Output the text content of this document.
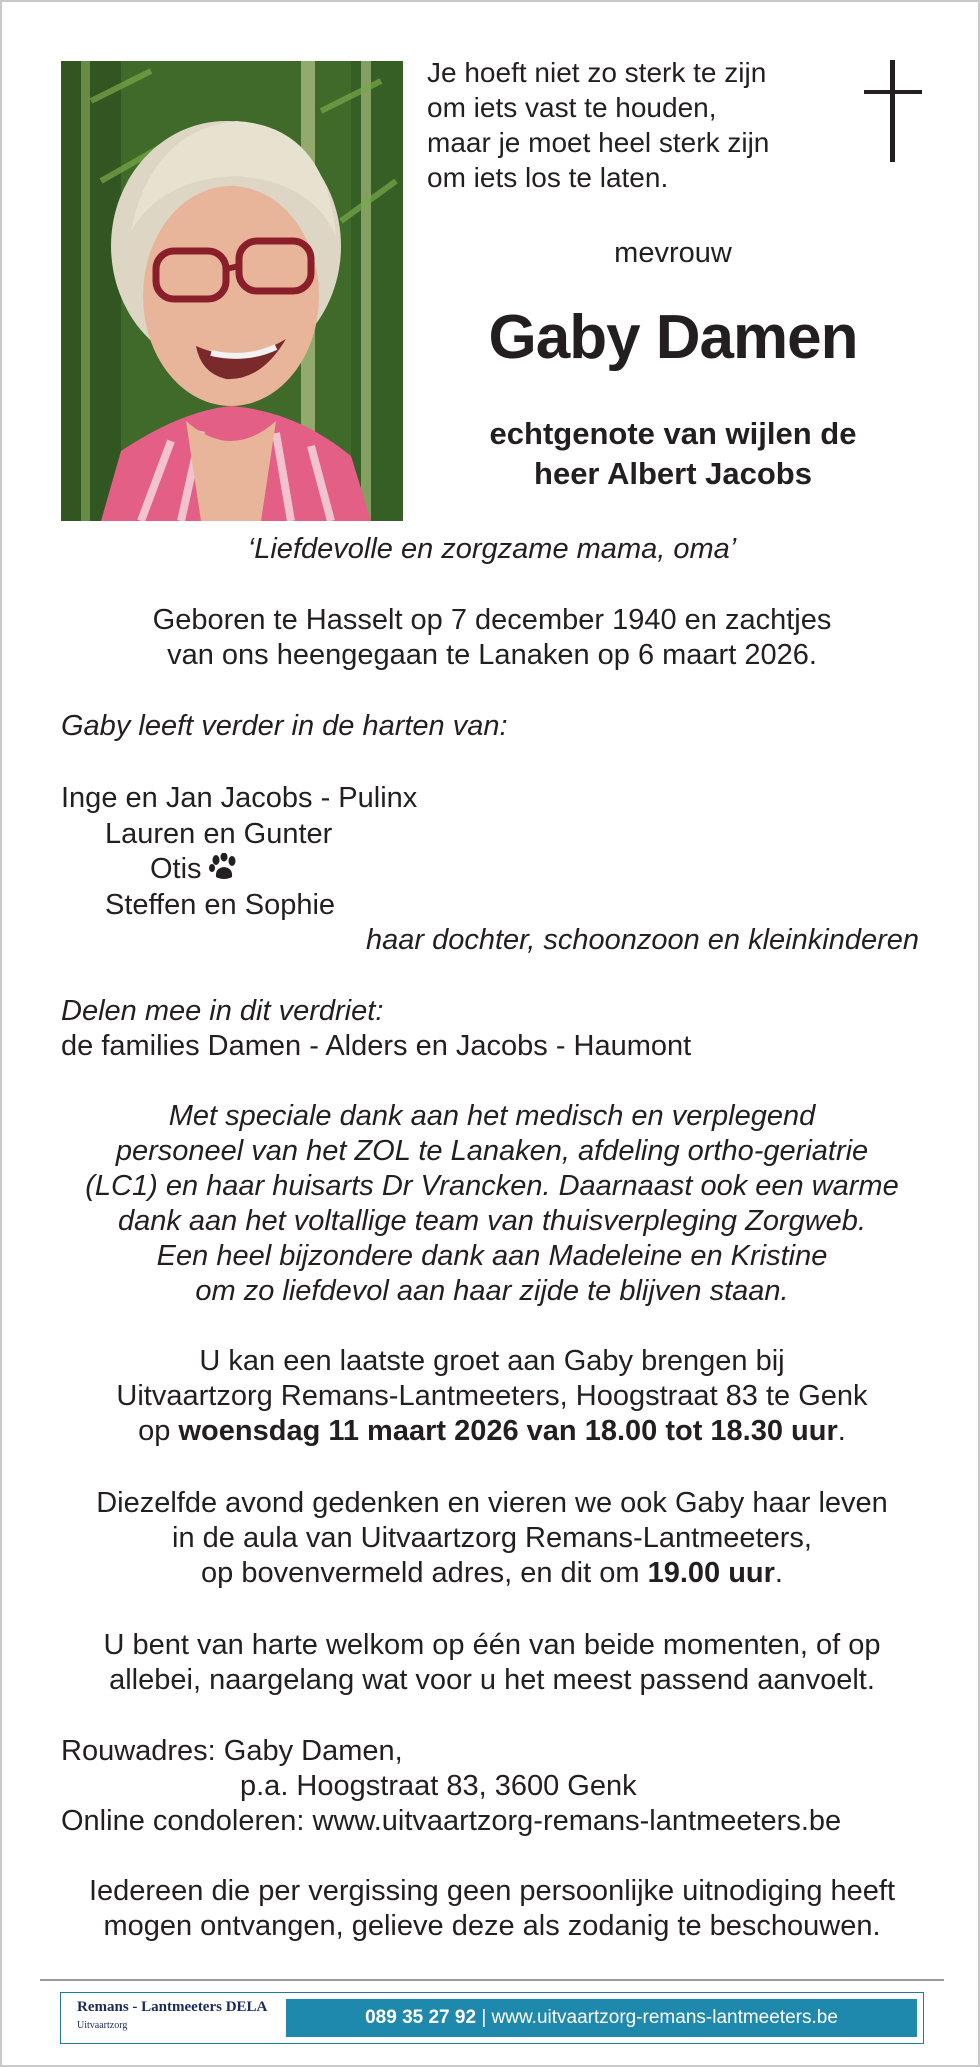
Je hoeft niet zo sterk te zijn
om iets vast te houden,
maar je moet heel sterk zijn
om iets los te laten.
mevrouw
Gaby Damen
echtgenote van wijlen de
heer Albert Jacobs
‘Liefdevolle en zorgzame mama, oma’
Geboren te Hasselt op 7 december 1940 en zachtjes
van ons heengegaan te Lanaken op 6 maart 2026.
Gaby leeft verder in de harten van:
Inge en Jan Jacobs - Pulinx
Lauren en Gunter
Otis
Steffen en Sophie
haar dochter, schoonzoon en kleinkinderen
Delen mee in dit verdriet:
de families Damen - Alders en Jacobs - Haumont
Met speciale dank aan het medisch en verplegend
personeel van het ZOL te Lanaken, afdeling ortho-geriatrie
(LC1) en haar huisarts Dr Vrancken. Daarnaast ook een warme
dank aan het voltallige team van thuisverpleging Zorgweb.
Een heel bijzondere dank aan Madeleine en Kristine
om zo liefdevol aan haar zijde te blijven staan.
U kan een laatste groet aan Gaby brengen bij
Uitvaartzorg Remans-Lantmeeters, Hoogstraat 83 te Genk
op woensdag 11 maart 2026 van 18.00 tot 18.30 uur.
Diezelfde avond gedenken en vieren we ook Gaby haar leven
in de aula van Uitvaartzorg Remans-Lantmeeters,
op bovenvermeld adres, en dit om 19.00 uur.
U bent van harte welkom op één van beide momenten, of op
allebei, naargelang wat voor u het meest passend aanvoelt.
Rouwadres: Gaby Damen,
p.a. Hoogstraat 83, 3600 Genk
Online condoleren: www.uitvaartzorg-remans-lantmeeters.be
Iedereen die per vergissing geen persoonlijke uitnodiging heeft
mogen ontvangen, gelieve deze als zodanig te beschouwen.
Remans - Lantmeeters DELA
Uitvaartzorg	089 35 27 92 | www.uitvaartzorg-remans-lantmeeters.be
